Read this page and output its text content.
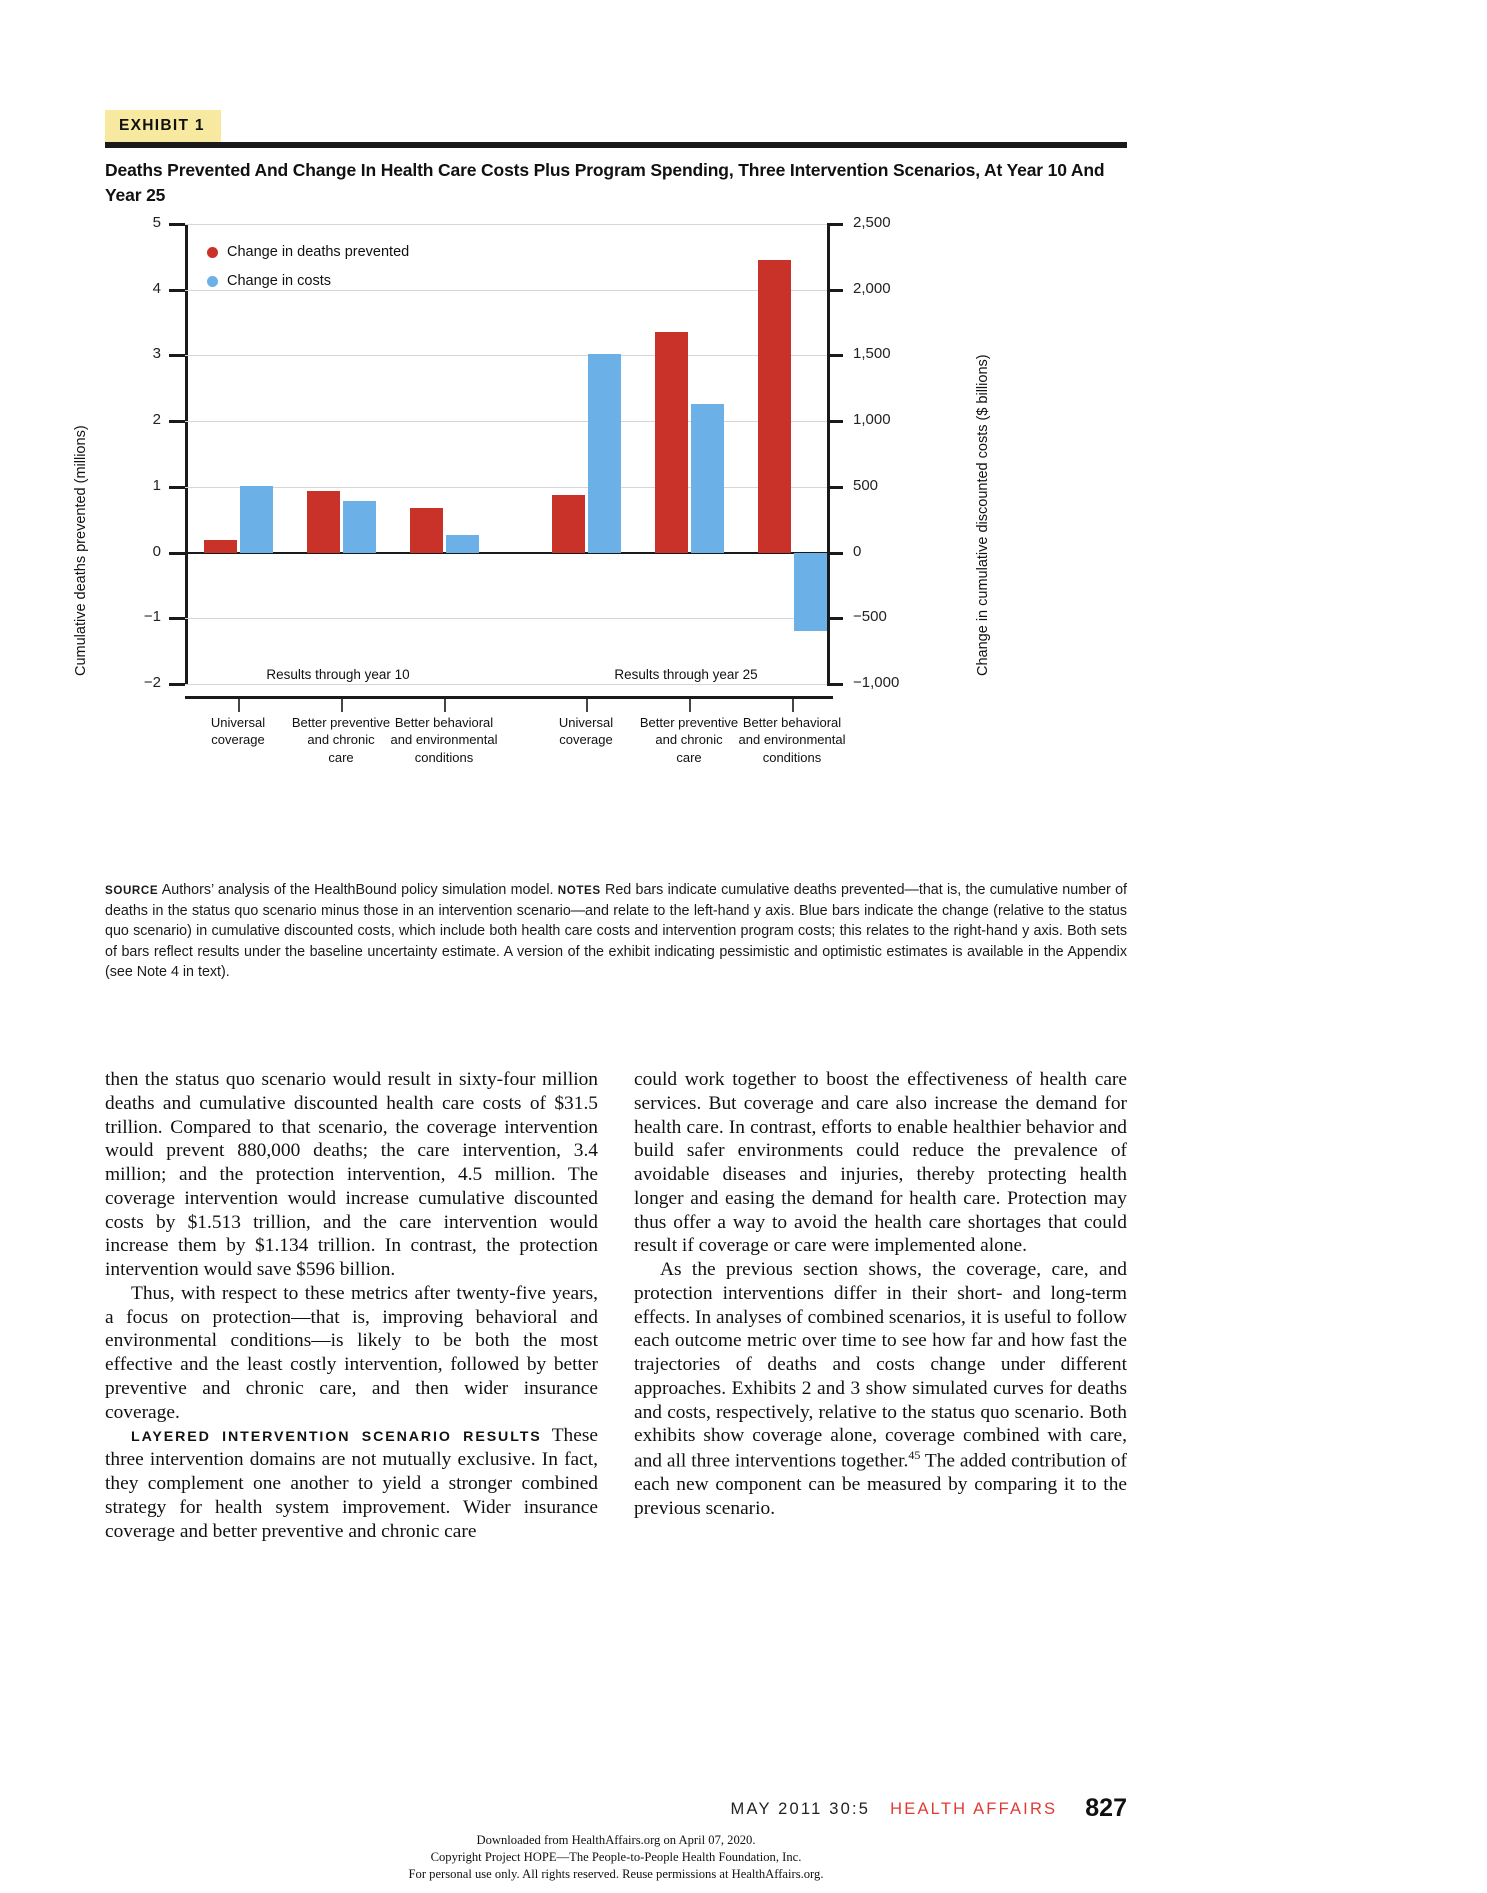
EXHIBIT 1
Deaths Prevented And Change In Health Care Costs Plus Program Spending, Three Intervention Scenarios, At Year 10 And Year 25
5
4
3
2
1
0
−1
−2
2,500
2,000
1,500
1,000
500
0
−500
−1,000
Change in deaths prevented
Change in costs
Results through year 10	Results through year 25
Cumulative deaths prevented (millions)	Change in cumulative discounted costs ($ billions)
Universal
coverage
Better preventive
and chronic
care
Better behavioral
and environmental
conditions
Universal
coverage
Better preventive
and chronic
care
Better behavioral
and environmental
conditions
SOURCE Authors’ analysis of the HealthBound policy simulation model. NOTES Red bars indicate cumulative deaths prevented—that is, the cumulative number of deaths in the status quo scenario minus those in an intervention scenario—and relate to the left-hand y axis. Blue bars indicate the change (relative to the status quo scenario) in cumulative discounted costs, which include both health care costs and intervention program costs; this relates to the right-hand y axis. Both sets of bars reflect results under the baseline uncertainty estimate. A version of the exhibit indicating pessimistic and optimistic estimates is available in the Appendix (see Note 4 in text).

then the status quo scenario would result in sixty-four million deaths and cumulative discounted health care costs of $31.5 trillion. Compared to that scenario, the coverage intervention would prevent 880,000 deaths; the care intervention, 3.4 million; and the protection intervention, 4.5 million. The coverage intervention would increase cumulative discounted costs by $1.513 trillion, and the care intervention would increase them by $1.134 trillion. In contrast, the protection intervention would save $596 billion.

Thus, with respect to these metrics after twenty-five years, a focus on protection—that is, improving behavioral and environmental conditions—is likely to be both the most effective and the least costly intervention, followed by better preventive and chronic care, and then wider insurance coverage.

LAYERED INTERVENTION SCENARIO RESULTS These three intervention domains are not mutually exclusive. In fact, they complement one another to yield a stronger combined strategy for health system improvement. Wider insurance coverage and better preventive and chronic care

could work together to boost the effectiveness of health care services. But coverage and care also increase the demand for health care. In contrast, efforts to enable healthier behavior and build safer environments could reduce the prevalence of avoidable diseases and injuries, thereby protecting health longer and easing the demand for health care. Protection may thus offer a way to avoid the health care shortages that could result if coverage or care were implemented alone.

As the previous section shows, the coverage, care, and protection interventions differ in their short- and long-term effects. In analyses of combined scenarios, it is useful to follow each outcome metric over time to see how far and how fast the trajectories of deaths and costs change under different approaches. Exhibits 2 and 3 show simulated curves for deaths and costs, respectively, relative to the status quo scenario. Both exhibits show coverage alone, coverage combined with care, and all three interventions together.$^{45}$ The added contribution of each new component can be measured by comparing it to the previous scenario.

MAY 2011 30:5 HEALTH AFFAIRS 827
Downloaded from HealthAffairs.org on April 07, 2020.
Copyright Project HOPE—The People-to-People Health Foundation, Inc.
For personal use only. All rights reserved. Reuse permissions at HealthAffairs.org.
